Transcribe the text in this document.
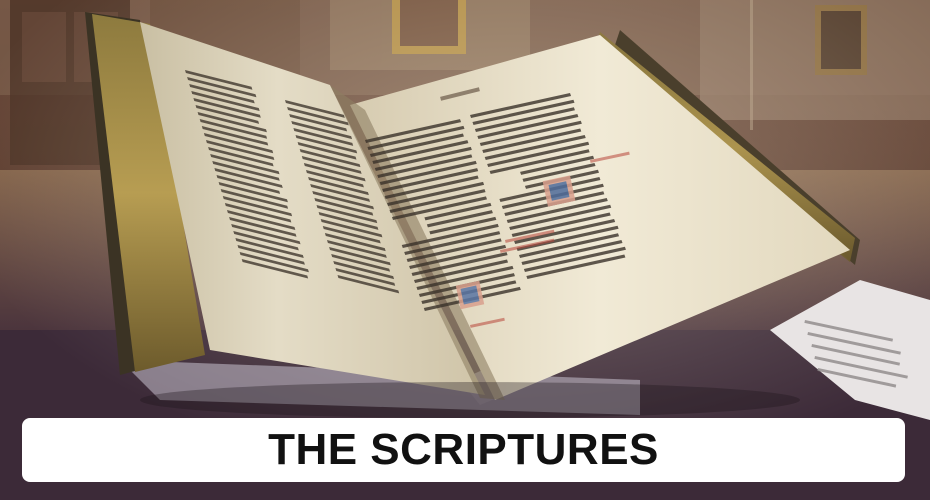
THE SCRIPTURES
